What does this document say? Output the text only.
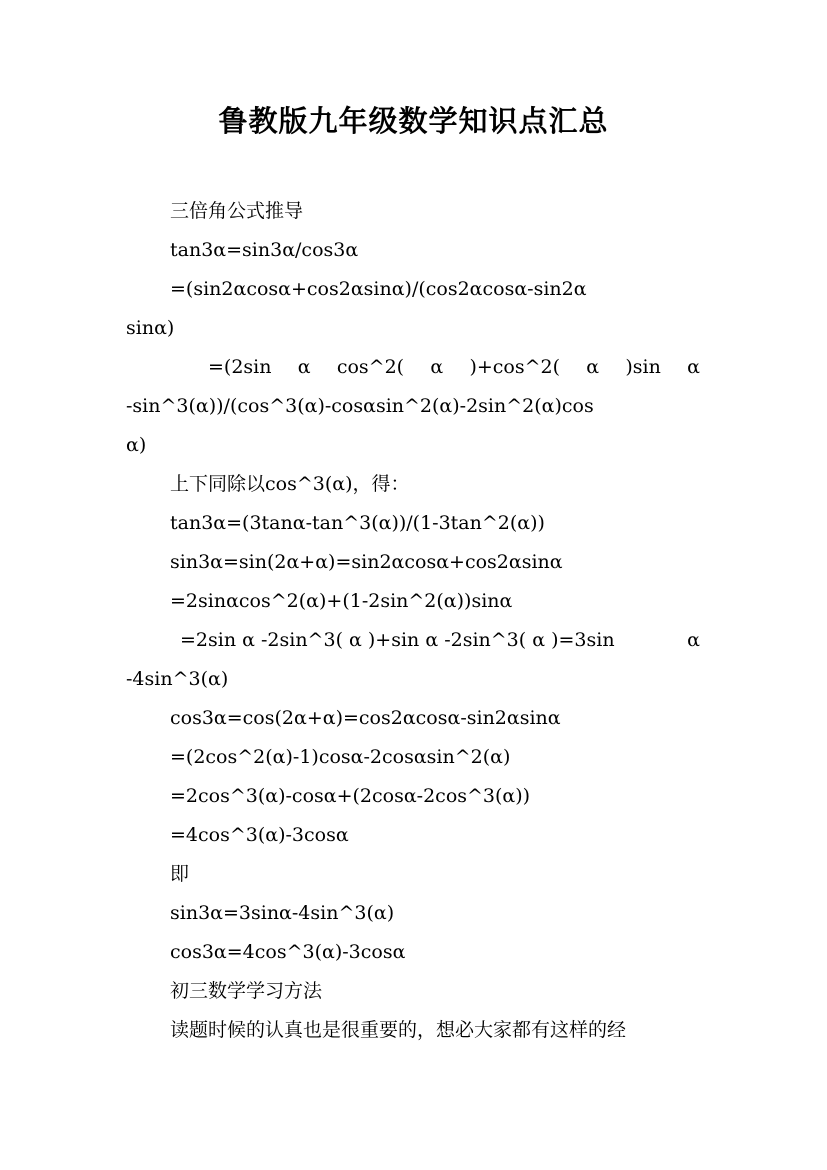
鲁教版九年级数学知识点汇总
三倍角公式推导
tan3α=sin3α/cos3α
=(sin2αcosα+cos2αsinα)/(cos2αcosα-sin2α
sinα)
=(2sin α cos^2( α )+cos^2( α )sin α
-sin^3(α))/(cos^3(α)-cosαsin^2(α)-2sin^2(α)cos
α)
上下同除以cos^3(α)，得：
tan3α=(3tanα-tan^3(α))/(1-3tan^2(α))
sin3α=sin(2α+α)=sin2αcosα+cos2αsinα
=2sinαcos^2(α)+(1-2sin^2(α))sinα
=2sin α -2sin^3( α )+sin α -2sin^3( α )=3sin	α
-4sin^3(α)
cos3α=cos(2α+α)=cos2αcosα-sin2αsinα
=(2cos^2(α)-1)cosα-2cosαsin^2(α)
=2cos^3(α)-cosα+(2cosα-2cos^3(α))
=4cos^3(α)-3cosα
即
sin3α=3sinα-4sin^3(α)
cos3α=4cos^3(α)-3cosα
初三数学学习方法
读题时候的认真也是很重要的，想必大家都有这样的经
